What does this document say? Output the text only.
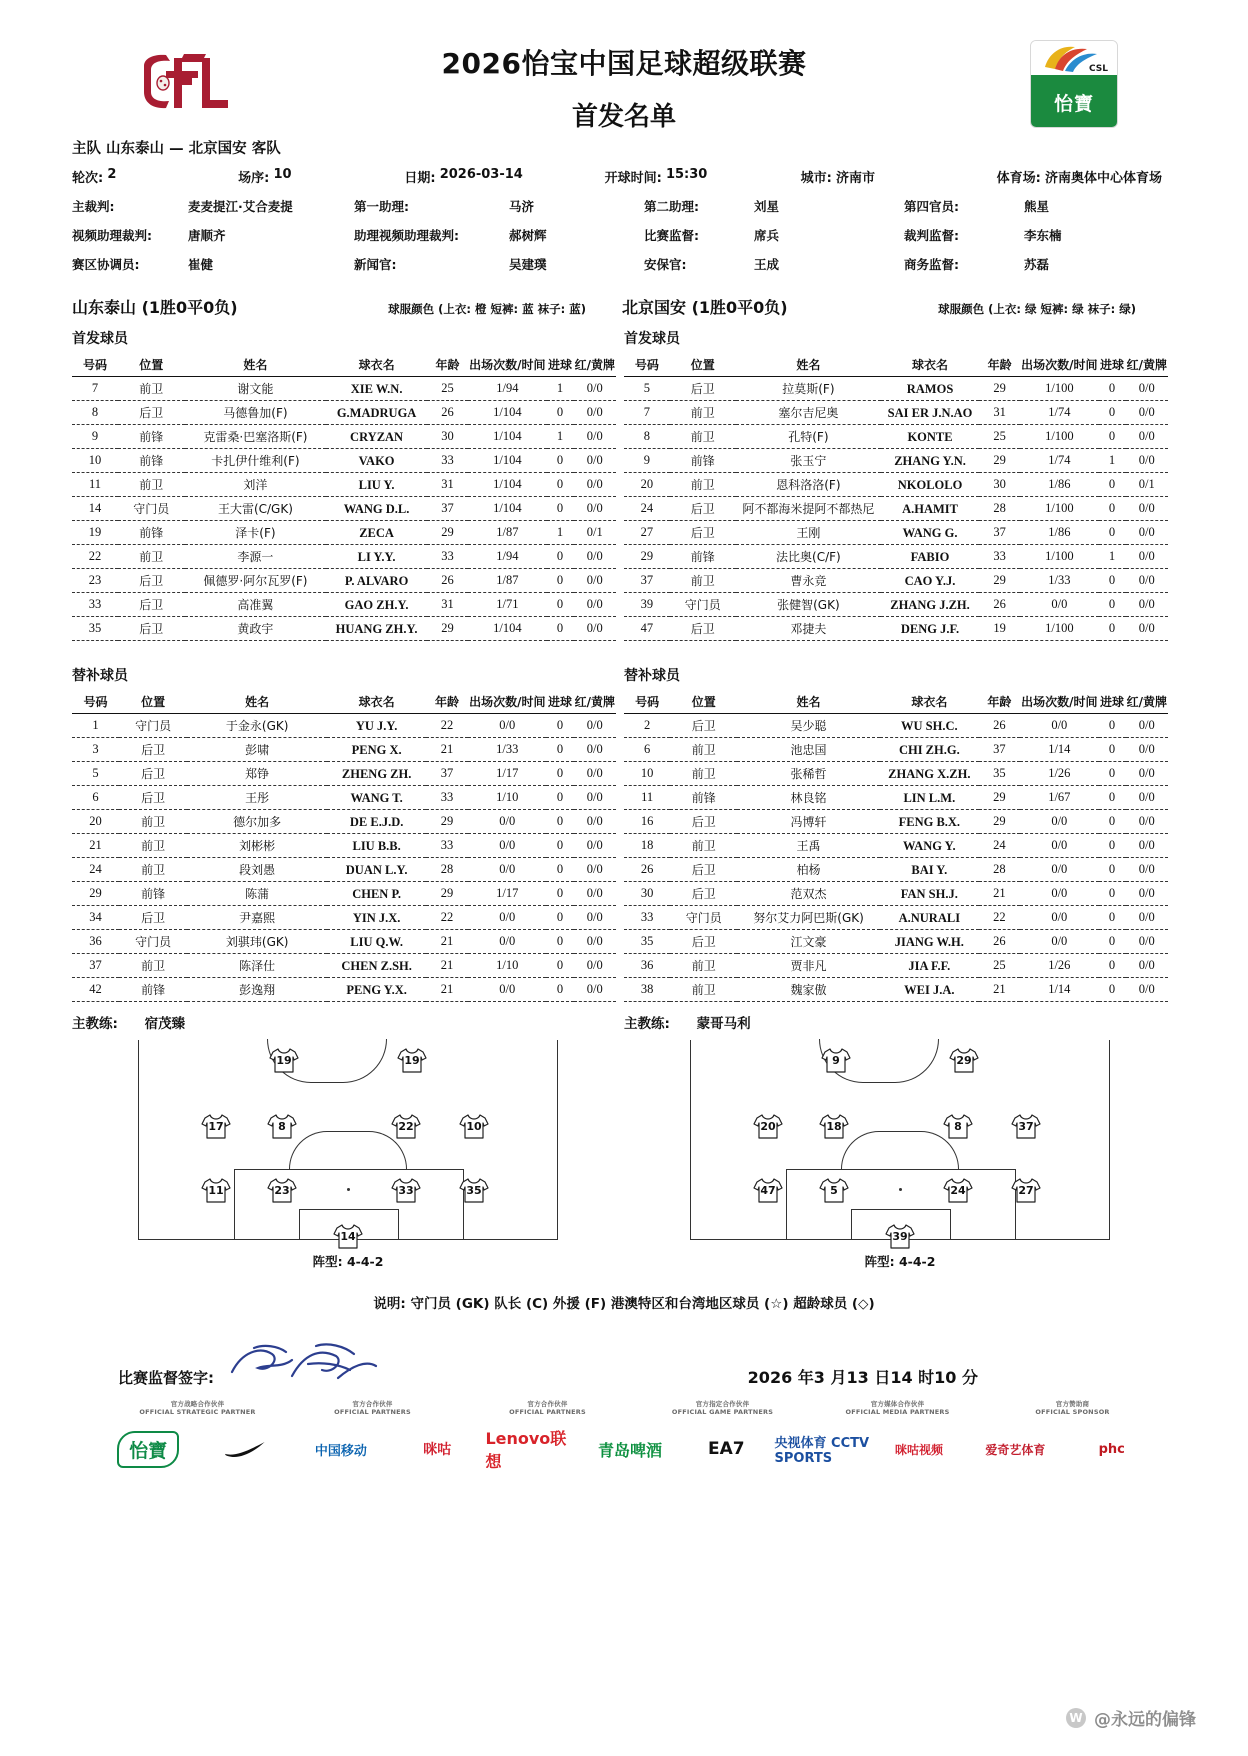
2026怡宝中国足球超级联赛
首发名单
CSL
怡寶
主队 山东泰山 — 北京国安 客队
轮次:
2	场序:
10	日期:
2026-03-14	开球时间:
15:30	城市:
济南市	体育场:
济南奥体中心体育场
主裁判:	麦麦提江·艾合麦提	第一助理:	马济	第二助理:	刘星	第四官员:	熊星
视频助理裁判:	唐顺齐	助理视频助理裁判:	郝树辉	比赛监督:	席兵	裁判监督:	李东楠
赛区协调员:	崔健	新闻官:	吴建璞	安保官:	王成	商务监督:	苏磊
山东泰山 (1胜0平0负)	球服颜色 (上衣: 橙 短裤: 蓝 袜子: 蓝)	北京国安 (1胜0平0负)	球服颜色 (上衣: 绿 短裤: 绿 袜子: 绿)
首发球员
号码	位置	姓名	球衣名	年龄	出场次数/时间	进球	红/黄牌
7	前卫	谢文能	XIE W.N.	25	1/94	1	0/0
8	后卫	马德鲁加(F)	G.MADRUGA	26	1/104	0	0/0
9	前锋	克雷桑·巴塞洛斯(F)	CRYZAN	30	1/104	1	0/0
10	前锋	卡扎伊什维利(F)	VAKO	33	1/104	0	0/0
11	前卫	刘洋	LIU Y.	31	1/104	0	0/0
14	守门员	王大雷(C/GK)	WANG D.L.	37	1/104	0	0/0
19	前锋	泽卡(F)	ZECA	29	1/87	1	0/1
22	前卫	李源一	LI Y.Y.	33	1/94	0	0/0
23	后卫	佩德罗·阿尔瓦罗(F)	P. ALVARO	26	1/87	0	0/0
33	后卫	高准翼	GAO ZH.Y.	31	1/71	0	0/0
35	后卫	黄政宇	HUANG ZH.Y.	29	1/104	0	0/0
首发球员
号码	位置	姓名	球衣名	年龄	出场次数/时间	进球	红/黄牌
5	后卫	拉莫斯(F)	RAMOS	29	1/100	0	0/0
7	前卫	塞尔吉尼奥	SAI ER J.N.AO	31	1/74	0	0/0
8	前卫	孔特(F)	KONTE	25	1/100	0	0/0
9	前锋	张玉宁	ZHANG Y.N.	29	1/74	1	0/0
20	前卫	恩科洛洛(F)	NKOLOLO	30	1/86	0	0/1
24	后卫	阿不都海米提阿不都热尼	A.HAMIT	28	1/100	0	0/0
27	后卫	王刚	WANG G.	37	1/86	0	0/0
29	前锋	法比奥(C/F)	FABIO	33	1/100	1	0/0
37	前卫	曹永竞	CAO Y.J.	29	1/33	0	0/0
39	守门员	张健智(GK)	ZHANG J.ZH.	26	0/0	0	0/0
47	后卫	邓捷夫	DENG J.F.	19	1/100	0	0/0
替补球员
号码	位置	姓名	球衣名	年龄	出场次数/时间	进球	红/黄牌
1	守门员	于金永(GK)	YU J.Y.	22	0/0	0	0/0
3	后卫	彭啸	PENG X.	21	1/33	0	0/0
5	后卫	郑铮	ZHENG ZH.	37	1/17	0	0/0
6	后卫	王彤	WANG T.	33	1/10	0	0/0
20	前卫	德尔加多	DE E.J.D.	29	0/0	0	0/0
21	前卫	刘彬彬	LIU B.B.	33	0/0	0	0/0
24	前卫	段刘愚	DUAN L.Y.	28	0/0	0	0/0
29	前锋	陈蒲	CHEN P.	29	1/17	0	0/0
34	后卫	尹嘉熙	YIN J.X.	22	0/0	0	0/0
36	守门员	刘骐玮(GK)	LIU Q.W.	21	0/0	0	0/0
37	前卫	陈泽仕	CHEN Z.SH.	21	1/10	0	0/0
42	前锋	彭逸翔	PENG Y.X.	21	0/0	0	0/0
替补球员
号码	位置	姓名	球衣名	年龄	出场次数/时间	进球	红/黄牌
2	后卫	吴少聪	WU SH.C.	26	0/0	0	0/0
6	前卫	池忠国	CHI ZH.G.	37	1/14	0	0/0
10	前卫	张稀哲	ZHANG X.ZH.	35	1/26	0	0/0
11	前锋	林良铭	LIN L.M.	29	1/67	0	0/0
16	后卫	冯博轩	FENG B.X.	29	0/0	0	0/0
18	前卫	王禹	WANG Y.	24	0/0	0	0/0
26	后卫	柏杨	BAI Y.	28	0/0	0	0/0
30	后卫	范双杰	FAN SH.J.	21	0/0	0	0/0
33	守门员	努尔艾力阿巴斯(GK)	A.NURALI	22	0/0	0	0/0
35	后卫	江文豪	JIANG W.H.	26	0/0	0	0/0
36	前卫	贾非凡	JIA F.F.	25	1/26	0	0/0
38	前卫	魏家傲	WEI J.A.	21	1/14	0	0/0
主教练: 宿茂臻	主教练: 蒙哥马利
19	19
17	8	22	10
11	23	33	35
14
阵型: 4-4-2
9	29
20	18	8	37
47	5	24	27
39
阵型: 4-4-2
说明: 守门员 (GK) 队长 (C) 外援 (F) 港澳特区和台湾地区球员 (☆) 超龄球员 (◇)
比赛监督签字:	2026 年3 月13 日14 时10 分
官方战略合作伙伴
OFFICIAL STRATEGIC PARTNER
官方合作伙伴
OFFICIAL PARTNERS
官方合作伙伴
OFFICIAL PARTNERS
官方指定合作伙伴
OFFICIAL GAME PARTNERS
官方媒体合作伙伴
OFFICIAL MEDIA PARTNERS
官方赞助商
OFFICIAL SPONSOR
怡寶	中国移动	咪咕
Lenovo联想
青岛啤酒	EA7 央视体育 CCTV SPORTS
咪咕视频	爱奇艺体育	phc
W @永远的偏锋
